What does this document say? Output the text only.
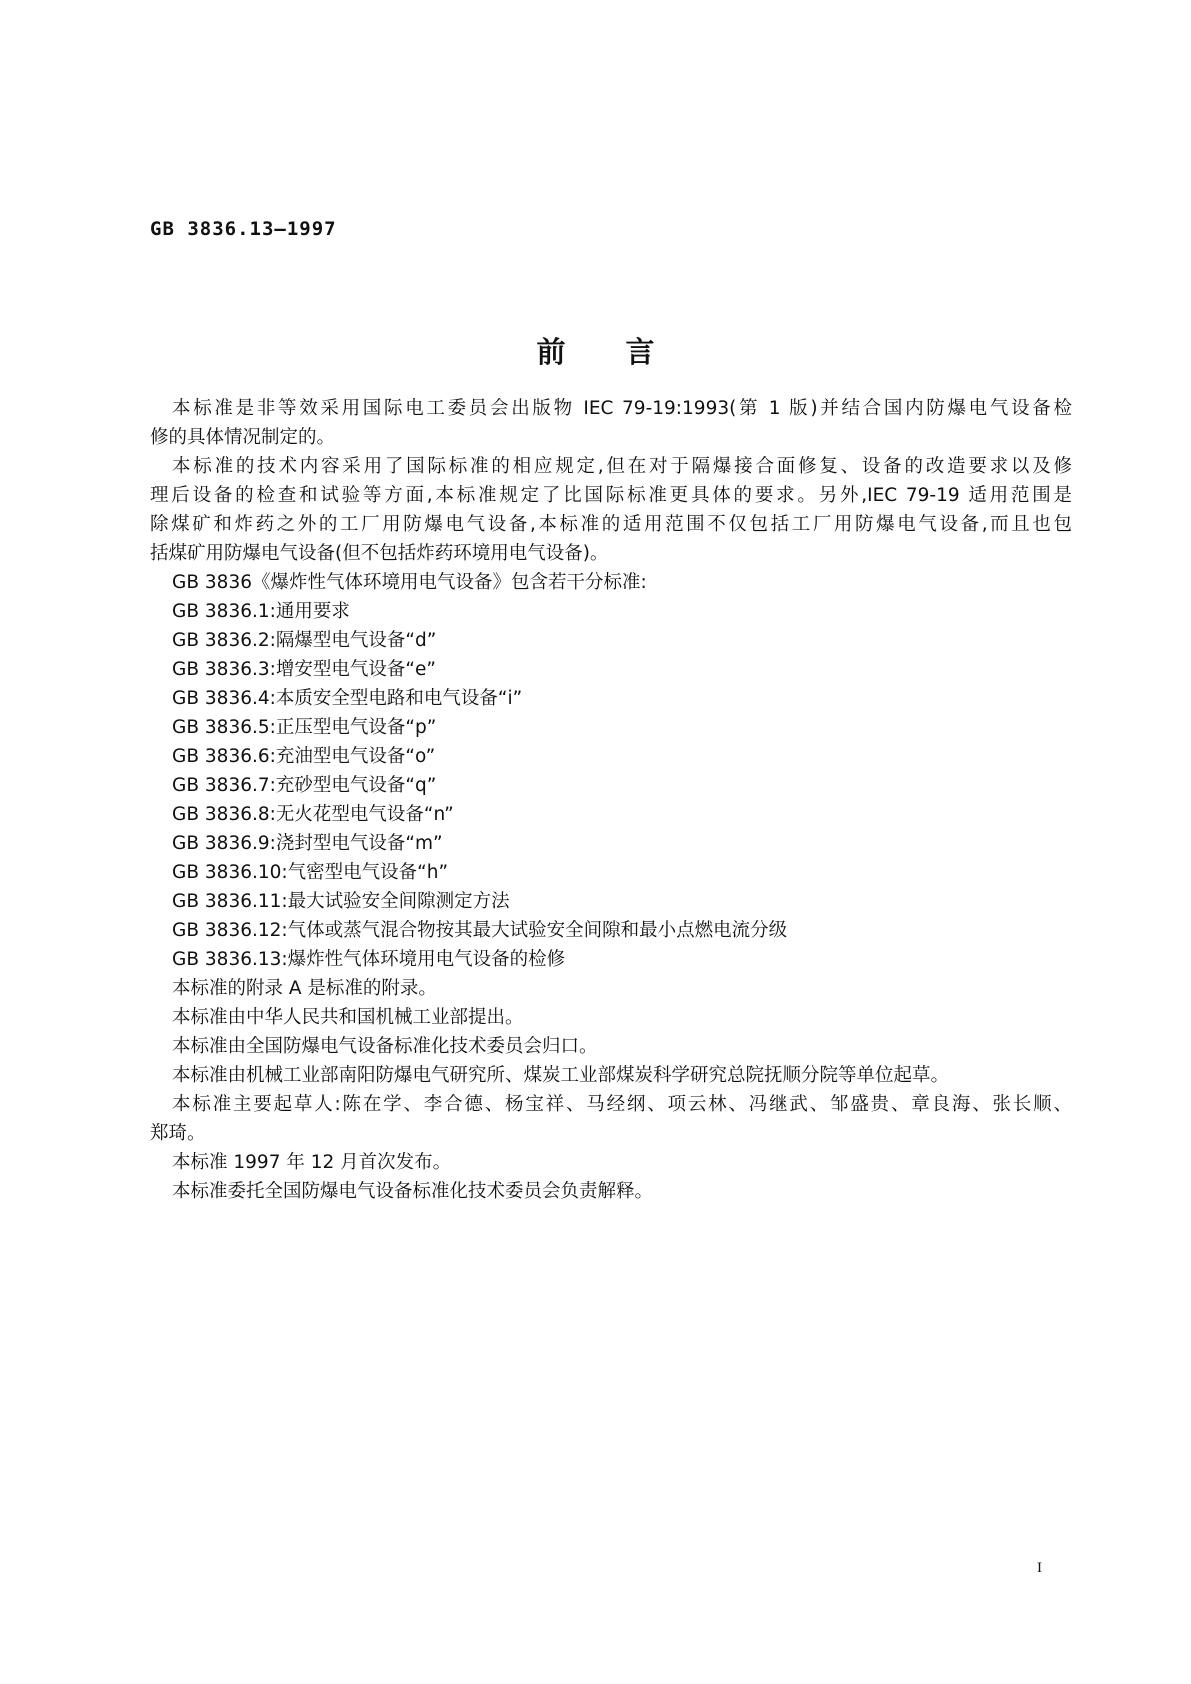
GB 3836.13—1997
前 言
本标准是非等效采用国际电工委员会出版物 IEC 79-19:1993(第 1 版)并结合国内防爆电气设备检
修的具体情况制定的。
本标准的技术内容采用了国际标准的相应规定,但在对于隔爆接合面修复、设备的改造要求以及修
理后设备的检查和试验等方面,本标准规定了比国际标准更具体的要求。另外,IEC 79-19 适用范围是
除煤矿和炸药之外的工厂用防爆电气设备,本标准的适用范围不仅包括工厂用防爆电气设备,而且也包
括煤矿用防爆电气设备(但不包括炸药环境用电气设备)。
GB 3836《爆炸性气体环境用电气设备》包含若干分标准:
GB 3836.1:通用要求
GB 3836.2:隔爆型电气设备“d”
GB 3836.3:增安型电气设备“e”
GB 3836.4:本质安全型电路和电气设备“i”
GB 3836.5:正压型电气设备“p”
GB 3836.6:充油型电气设备“o”
GB 3836.7:充砂型电气设备“q”
GB 3836.8:无火花型电气设备“n”
GB 3836.9:浇封型电气设备“m”
GB 3836.10:气密型电气设备“h”
GB 3836.11:最大试验安全间隙测定方法
GB 3836.12:气体或蒸气混合物按其最大试验安全间隙和最小点燃电流分级
GB 3836.13:爆炸性气体环境用电气设备的检修
本标准的附录 A 是标准的附录。
本标准由中华人民共和国机械工业部提出。
本标准由全国防爆电气设备标准化技术委员会归口。
本标准由机械工业部南阳防爆电气研究所、煤炭工业部煤炭科学研究总院抚顺分院等单位起草。
本标准主要起草人:陈在学、李合德、杨宝祥、马经纲、项云林、冯继武、邹盛贵、章良海、张长顺、
郑琦。
本标准 1997 年 12 月首次发布。
本标准委托全国防爆电气设备标准化技术委员会负责解释。
I
